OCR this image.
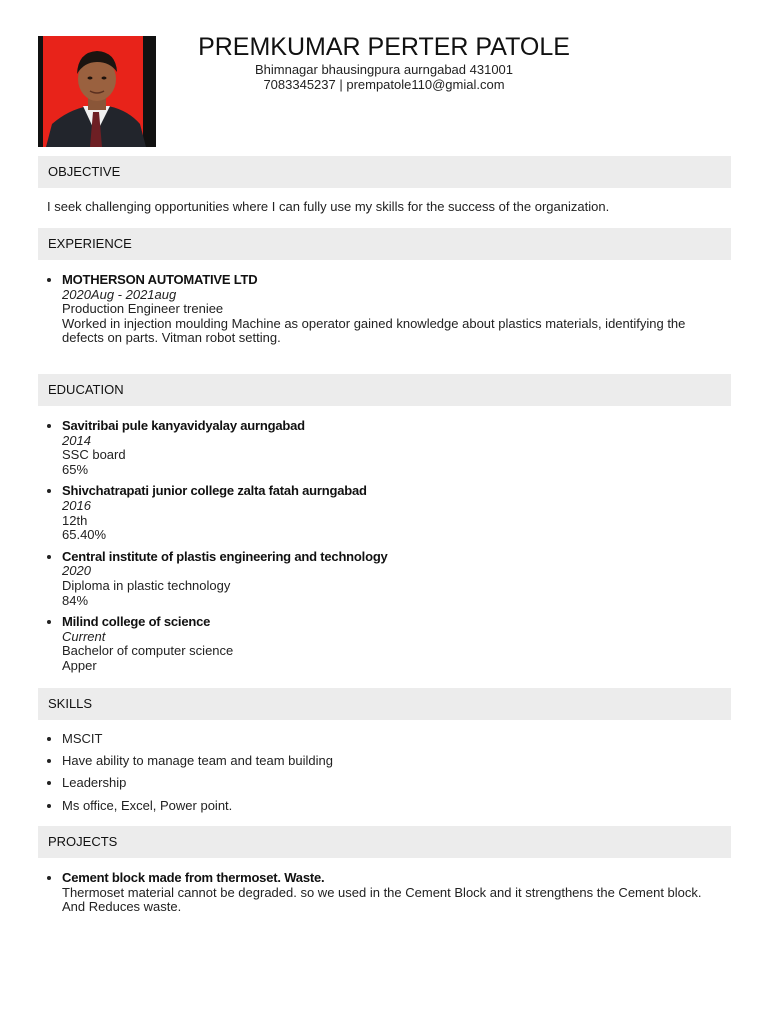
PREMKUMAR PERTER PATOLE
Bhimnagar bhausingpura aurngabad 431001
7083345237 | prempatole110@gmial.com
OBJECTIVE
I seek challenging opportunities where I can fully use my skills for the success of the organization.
EXPERIENCE
• MOTHERSON AUTOMATIVE LTD
2020Aug - 2021aug
Production Engineer treniee
Worked in injection moulding Machine as operator gained knowledge about plastics materials, identifying the defects on parts. Vitman robot setting.
EDUCATION
• Savitribai pule kanyavidyalay aurngabad
2014
SSC board
65%
• Shivchatrapati junior college zalta fatah aurngabad
2016
12th
65.40%
• Central institute of plastis engineering and technology
2020
Diploma in plastic technology
84%
• Milind college of science
Current
Bachelor of computer science
Apper
SKILLS
• MSCIT
• Have ability to manage team and team building
• Leadership
• Ms office, Excel, Power point.
PROJECTS
• Cement block made from thermoset. Waste.
Thermoset material cannot be degraded. so we used in the Cement Block and it strengthens the Cement block. And Reduces waste.
